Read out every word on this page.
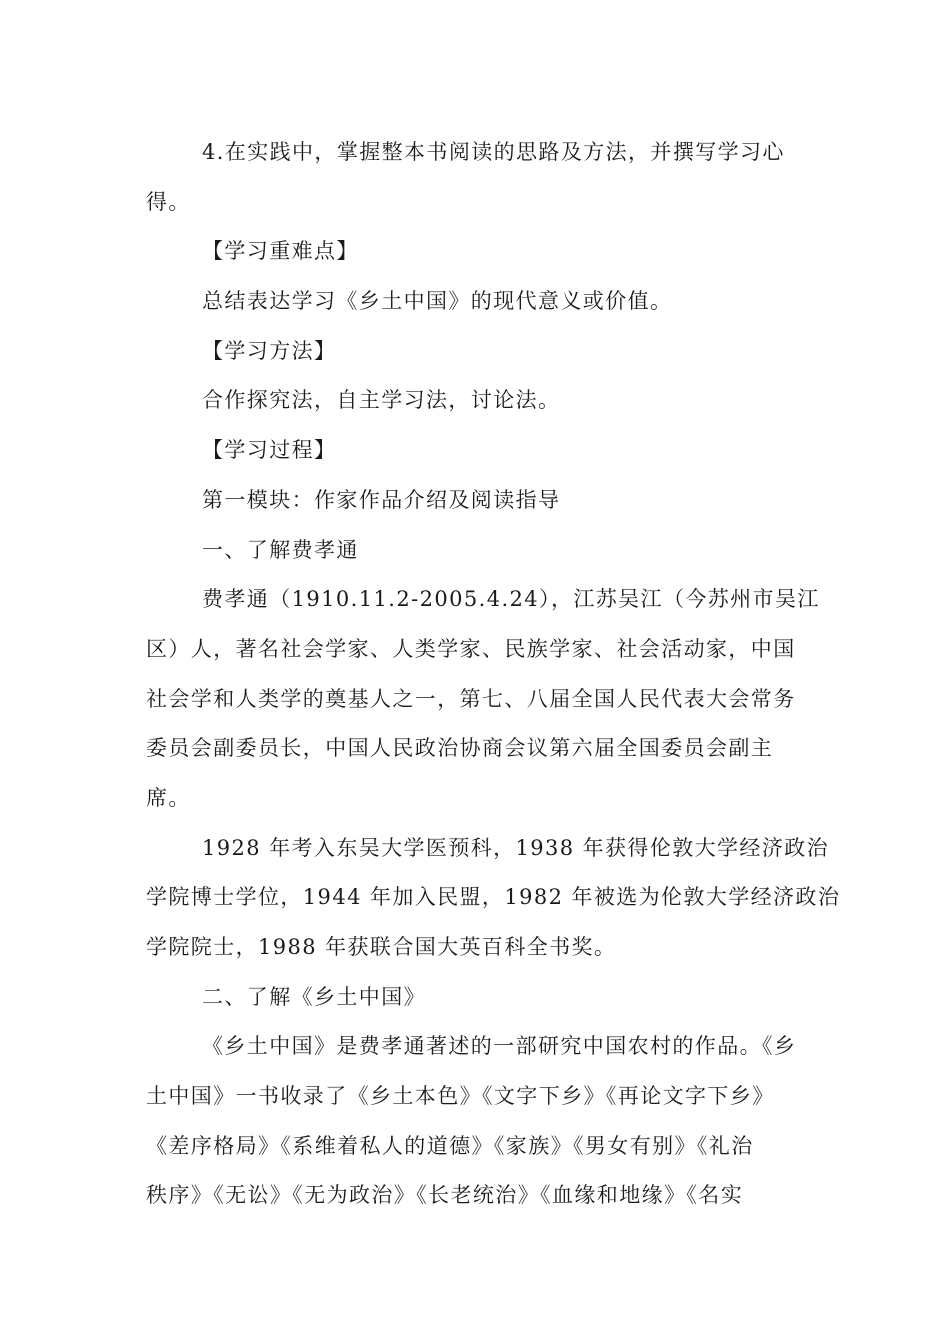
4.在实践中，掌握整本书阅读的思路及方法，并撰写学习心
得。
【学习重难点】
总结表达学习《乡土中国》的现代意义或价值。
【学习方法】
合作探究法，自主学习法，讨论法。
【学习过程】
第一模块：作家作品介绍及阅读指导
一、了解费孝通
费孝通（1910.11.2-2005.4.24），江苏吴江（今苏州市吴江
区）人，著名社会学家、人类学家、民族学家、社会活动家，中国
社会学和人类学的奠基人之一，第七、八届全国人民代表大会常务
委员会副委员长，中国人民政治协商会议第六届全国委员会副主
席。
1928 年考入东吴大学医预科，1938 年获得伦敦大学经济政治
学院博士学位，1944 年加入民盟，1982 年被选为伦敦大学经济政治
学院院士，1988 年获联合国大英百科全书奖。
二、了解《乡土中国》
《乡土中国》是费孝通著述的一部研究中国农村的作品。《乡
土中国》一书收录了《乡土本色》《文字下乡》《再论文字下乡》
《差序格局》《系维着私人的道德》《家族》《男女有别》《礼治
秩序》《无讼》《无为政治》《长老统治》《血缘和地缘》《名实
